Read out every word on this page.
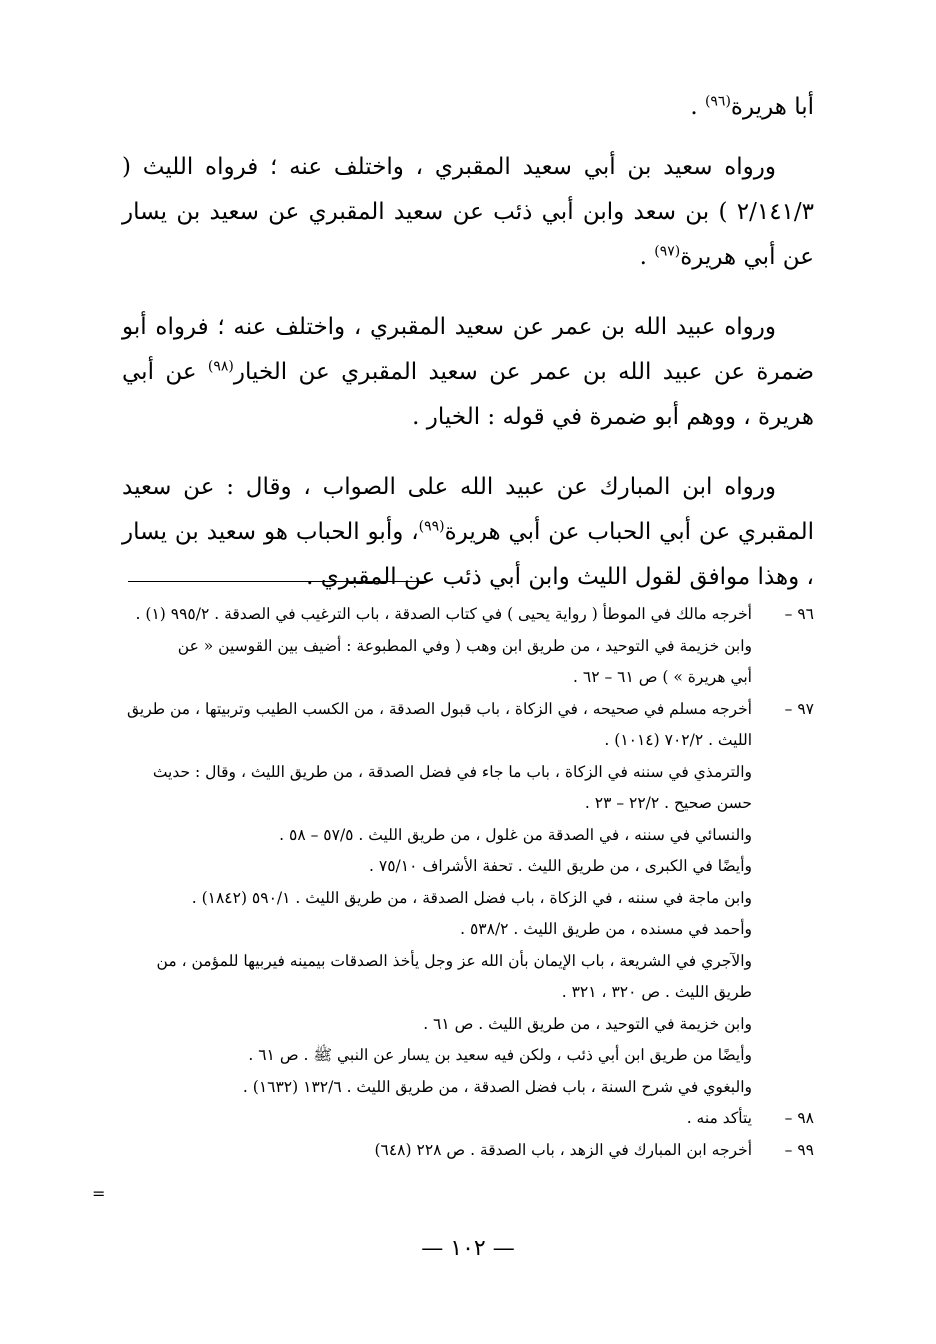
أبا هريرة$^{(٩٦)}$ .

ورواه سعيد بن أبي سعيد المقبري ، واختلف عنه ؛ فرواه الليث ( ٢/١٤١/٣ ) بن سعد وابن أبي ذئب عن سعيد المقبري عن سعيد بن يسار عن أبي هريرة$^{(٩٧)}$ .

ورواه عبيد الله بن عمر عن سعيد المقبري ، واختلف عنه ؛ فرواه أبو ضمرة عن عبيد الله بن عمر عن سعيد المقبري عن الخيار$^{(٩٨)}$ عن أبي هريرة ، ووهم أبو ضمرة في قوله : الخيار .

ورواه ابن المبارك عن عبيد الله على الصواب ، وقال : عن سعيد المقبري عن أبي الحباب عن أبي هريرة$^{(٩٩)}$، وأبو الحباب هو سعيد بن يسار ، وهذا موافق لقول الليث وابن أبي ذئب عن المقبري .

٩٦ –
أخرجه مالك في الموطأ ( رواية يحيى ) في كتاب الصدقة ، باب الترغيب في الصدقة . ٩٩٥/٢ (١) .
وابن خزيمة في التوحيد ، من طريق ابن وهب ( وفي المطبوعة : أضيف بين القوسين « عن
أبي هريرة » ) ص ٦١ – ٦٢ .
٩٧ –
أخرجه مسلم في صحيحه ، في الزكاة ، باب قبول الصدقة ، من الكسب الطيب وتربيتها ، من طريق
الليث . ٧٠٢/٢ (١٠١٤) .
والترمذي في سننه في الزكاة ، باب ما جاء في فضل الصدقة ، من طريق الليث ، وقال : حديث
حسن صحيح . ٢٢/٢ – ٢٣ .
والنسائي في سننه ، في الصدقة من غلول ، من طريق الليث . ٥٧/٥ – ٥٨ .
وأيضًا في الكبرى ، من طريق الليث . تحفة الأشراف ٧٥/١٠ .
وابن ماجة في سننه ، في الزكاة ، باب فضل الصدقة ، من طريق الليث . ٥٩٠/١ (١٨٤٢) .
وأحمد في مسنده ، من طريق الليث . ٥٣٨/٢ .
والآجري في الشريعة ، باب الإيمان بأن الله عز وجل يأخذ الصدقات بيمينه فيربيها للمؤمن ، من
طريق الليث . ص ٣٢٠ ، ٣٢١ .
وابن خزيمة في التوحيد ، من طريق الليث . ص ٦١ .
وأيضًا من طريق ابن أبي ذئب ، ولكن فيه سعيد بن يسار عن النبي ﷺ . ص ٦١ .
والبغوي في شرح السنة ، باب فضل الصدقة ، من طريق الليث . ١٣٢/٦ (١٦٣٢) .
٩٨ –
يتأكد منه .
٩٩ –
أخرجه ابن المبارك في الزهد ، باب الصدقة . ص ٢٢٨ (٦٤٨)
=
— ١٠٢ —
